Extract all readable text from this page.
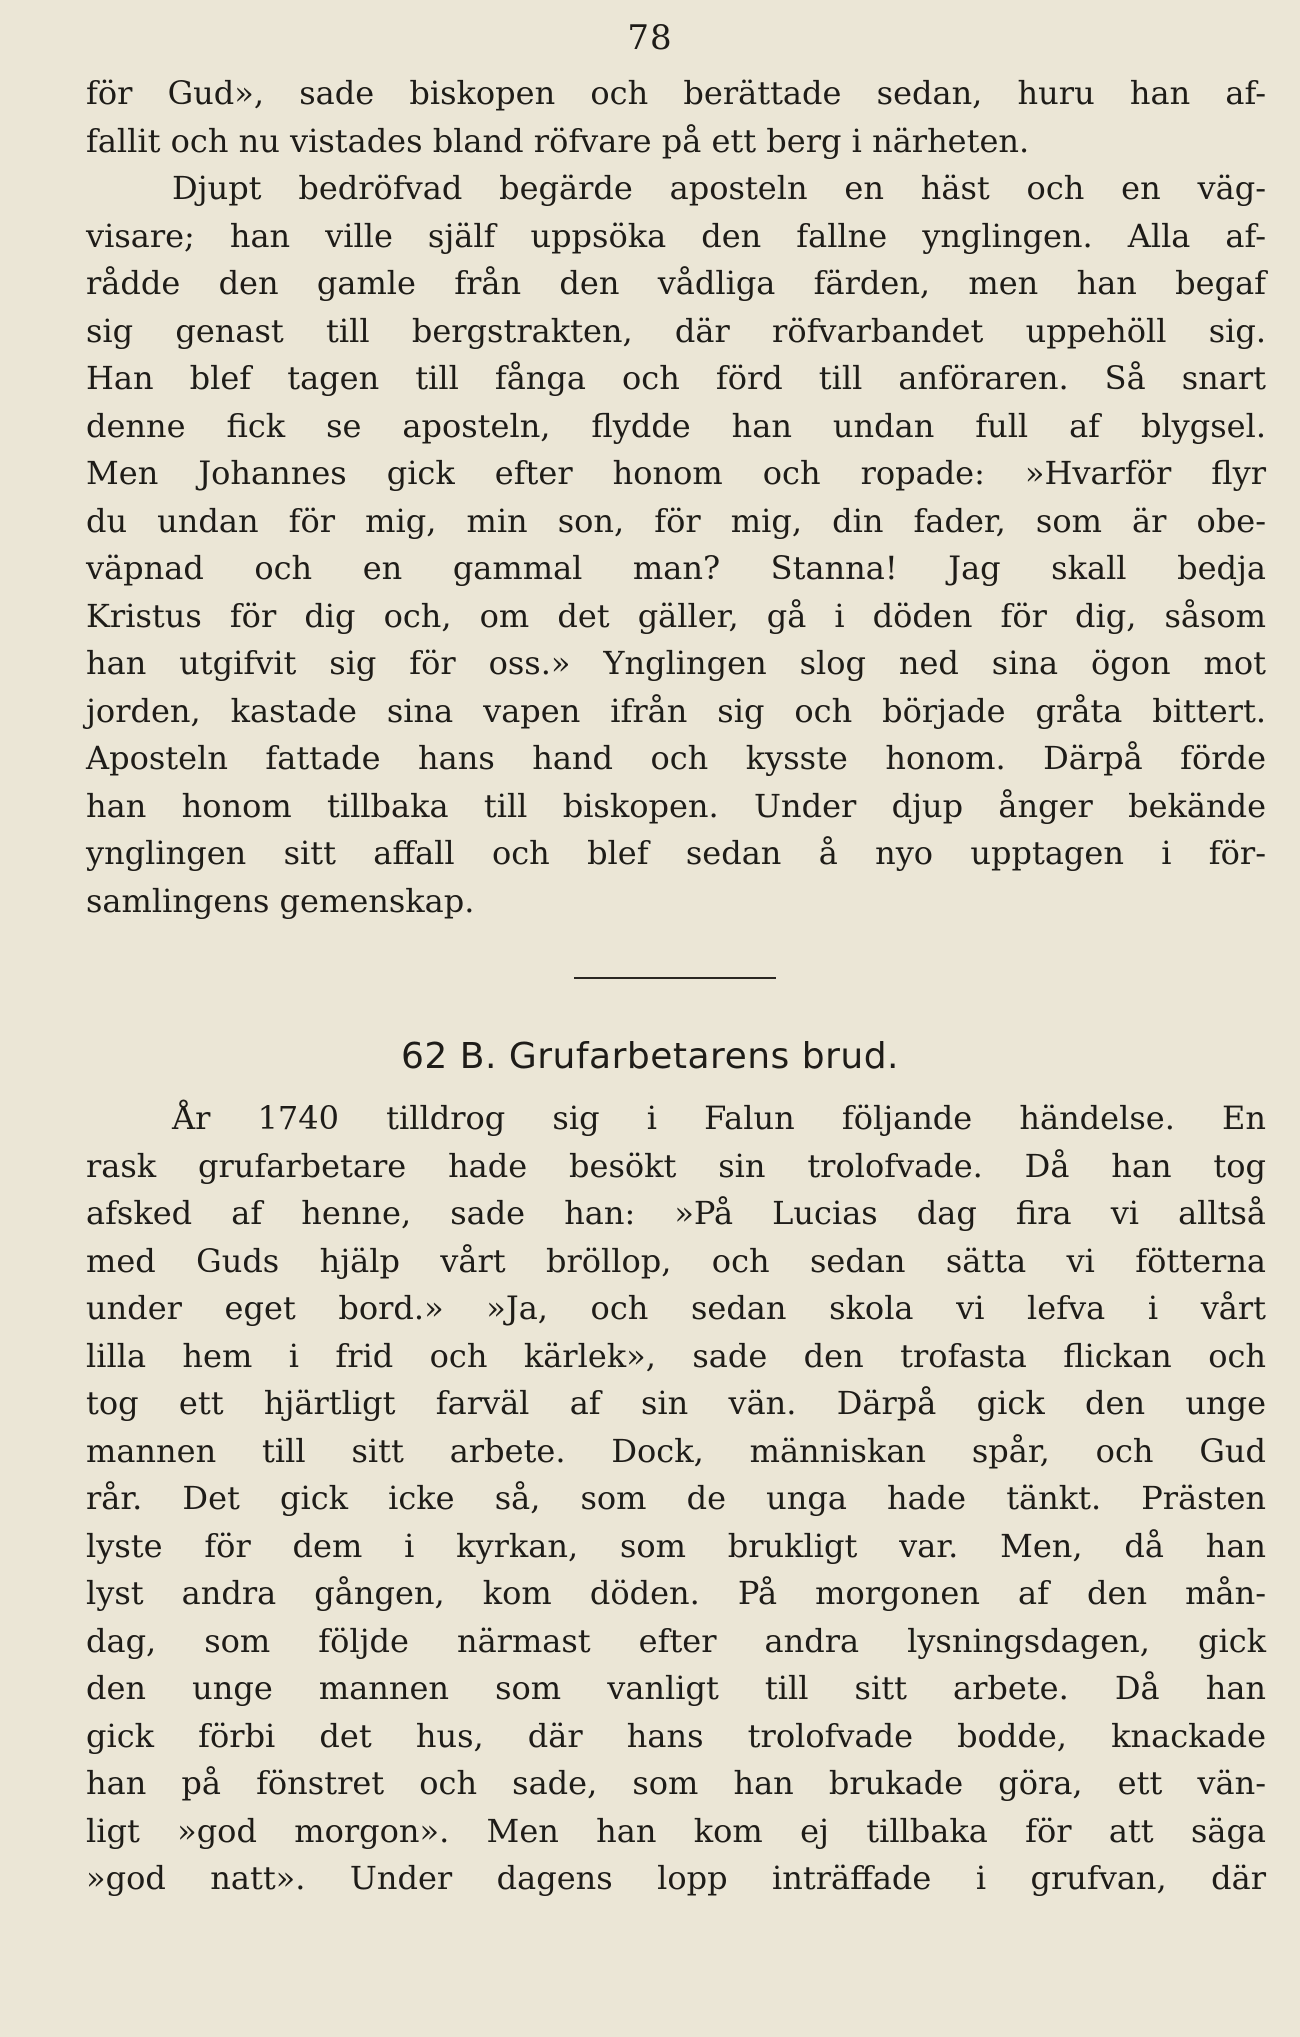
78
för Gud», sade biskopen och berättade sedan, huru han af-
fallit och nu vistades bland röfvare på ett berg i närheten.
Djupt bedröfvad begärde aposteln en häst och en väg-
visare; han ville själf uppsöka den fallne ynglingen. Alla af-
rådde den gamle från den vådliga färden, men han begaf
sig genast till bergstrakten, där röfvarbandet uppehöll sig.
Han blef tagen till fånga och förd till anföraren. Så snart
denne fick se aposteln, flydde han undan full af blygsel.
Men Johannes gick efter honom och ropade: »Hvarför flyr
du undan för mig, min son, för mig, din fader, som är obe-
väpnad och en gammal man? Stanna! Jag skall bedja
Kristus för dig och, om det gäller, gå i döden för dig, såsom
han utgifvit sig för oss.» Ynglingen slog ned sina ögon mot
jorden, kastade sina vapen ifrån sig och började gråta bittert.
Aposteln fattade hans hand och kysste honom. Därpå förde
han honom tillbaka till biskopen. Under djup ånger bekände
ynglingen sitt affall och blef sedan å nyo upptagen i för-
samlingens gemenskap.
62 B. Grufarbetarens brud.
År 1740 tilldrog sig i Falun följande händelse. En
rask grufarbetare hade besökt sin trolofvade. Då han tog
afsked af henne, sade han: »På Lucias dag fira vi alltså
med Guds hjälp vårt bröllop, och sedan sätta vi fötterna
under eget bord.» »Ja, och sedan skola vi lefva i vårt
lilla hem i frid och kärlek», sade den trofasta flickan och
tog ett hjärtligt farväl af sin vän. Därpå gick den unge
mannen till sitt arbete. Dock, människan spår, och Gud
rår. Det gick icke så, som de unga hade tänkt. Prästen
lyste för dem i kyrkan, som brukligt var. Men, då han
lyst andra gången, kom döden. På morgonen af den mån-
dag, som följde närmast efter andra lysningsdagen, gick
den unge mannen som vanligt till sitt arbete. Då han
gick förbi det hus, där hans trolofvade bodde, knackade
han på fönstret och sade, som han brukade göra, ett vän-
ligt »god morgon». Men han kom ej tillbaka för att säga
»god natt». Under dagens lopp inträffade i grufvan, där
